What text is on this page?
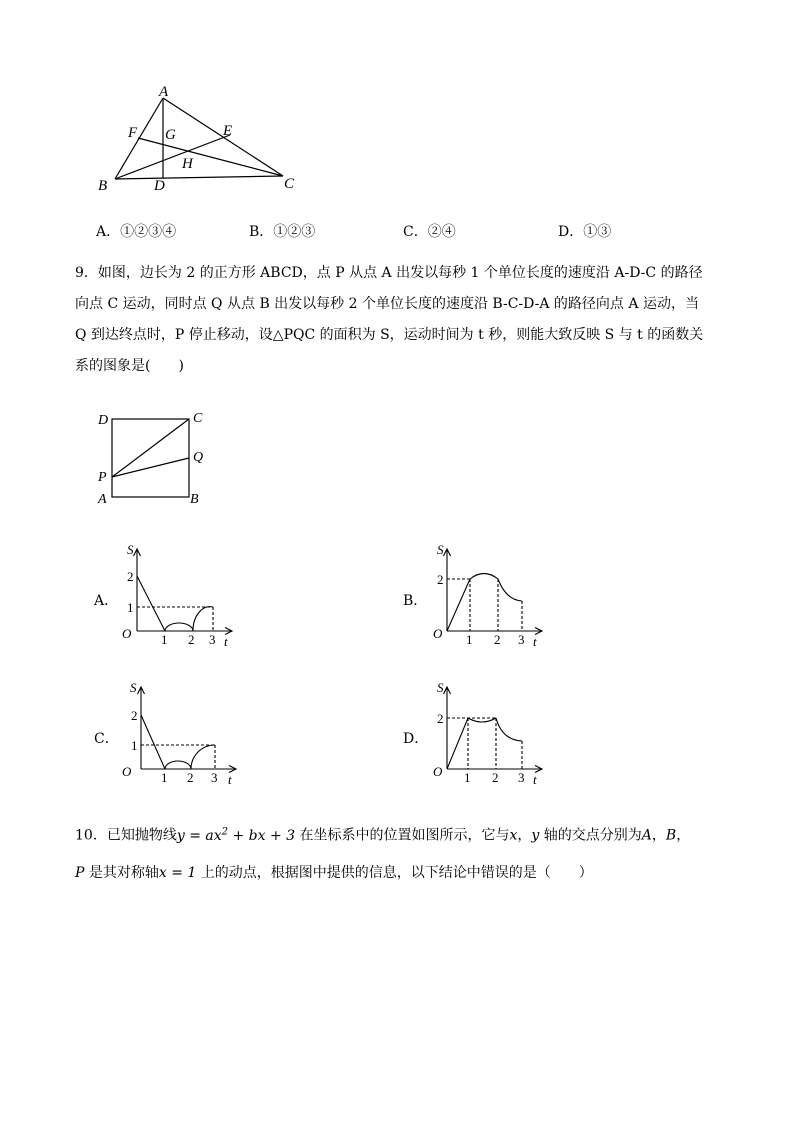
A
F G	E
H
B	D	C
A．①②③④	B．①②③	C．②④	D．①③
9．如图，边长为 2 的正方形 ABCD，点 P 从点 A 出发以每秒 1 个单位长度的速度沿 A-D-C 的路径
向点 C 运动，同时点 Q 从点 B 出发以每秒 2 个单位长度的速度沿 B-C-D-A 的路径向点 A 运动，当
Q 到达终点时，P 停止移动，设△PQC 的面积为 S，运动时间为 t 秒，则能大致反映 S 与 t 的函数关
系的图象是(　　)
D	C
P
Q
A	B
A．
S
t
O
2
1
1 2 3
B．
S
t
O
2
1 2 3
C．
S
t
O
2
1
1 2 3
D．
S
t
O
2
1 2 3
10．已知抛物线$y = ax^2$ + bx + 3 在坐标系中的位置如图所示，它与x，y 轴的交点分别为A，B，
P 是其对称轴x = 1 上的动点，根据图中提供的信息，以下结论中错误的是（　　）
